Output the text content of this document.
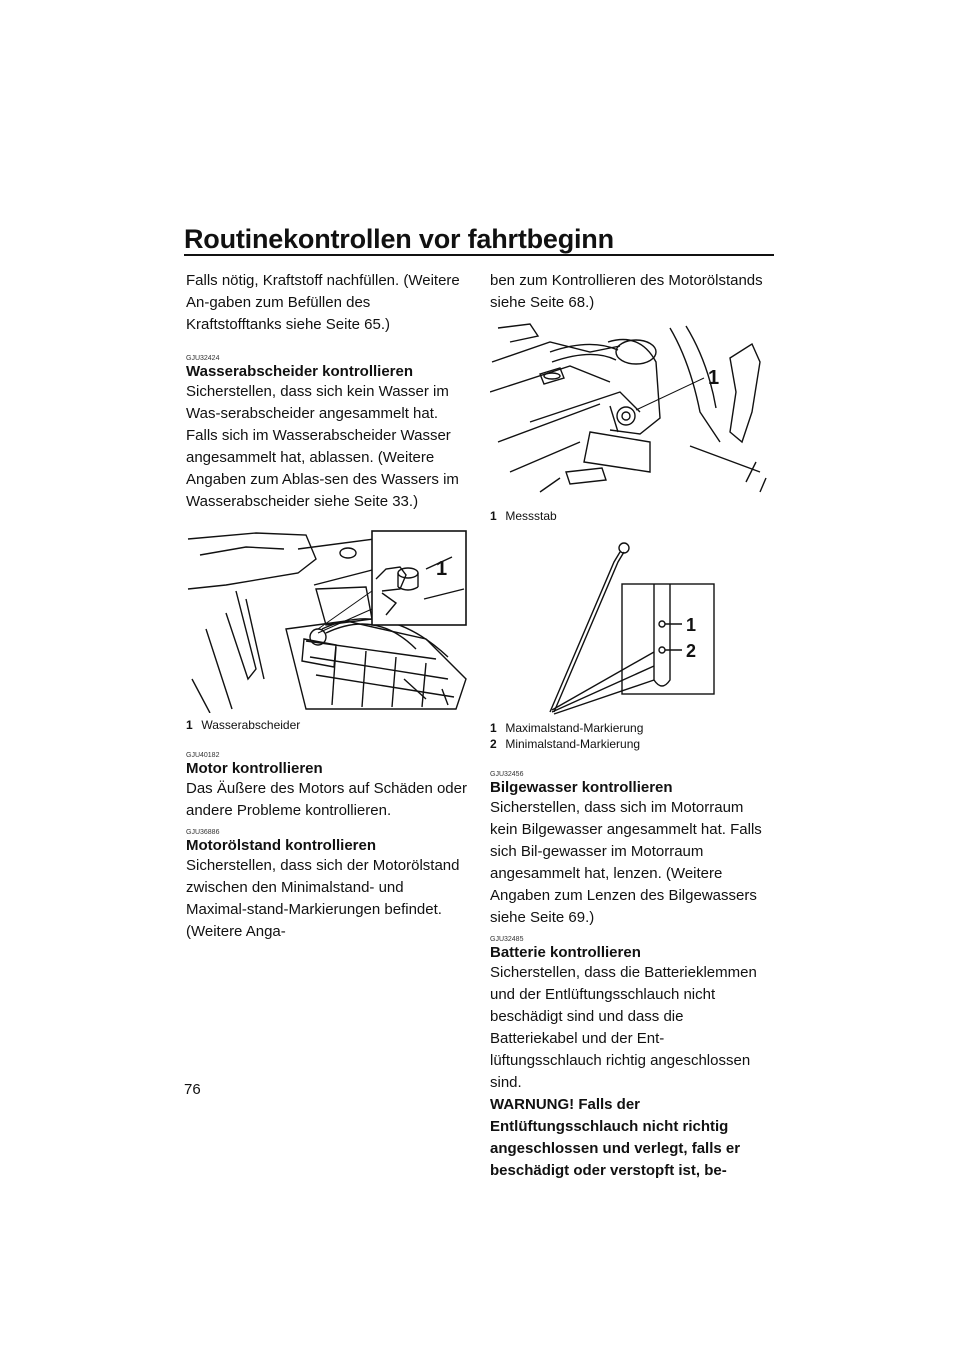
Routinekontrollen vor fahrtbeginn

Falls nötig, Kraftstoff nachfüllen. (Weitere An-gaben zum Befüllen des Kraftstofftanks siehe Seite 65.)

GJU32424
Wasserabscheider kontrollieren

Sicherstellen, dass sich kein Wasser im Was-serabscheider angesammelt hat. Falls sich im Wasserabscheider Wasser angesammelt hat, ablassen. (Weitere Angaben zum Ablas-sen des Wassers im Wasserabscheider siehe Seite 33.)

1
1 Wasserabscheider
GJU40182
Motor kontrollieren

Das Äußere des Motors auf Schäden oder andere Probleme kontrollieren.

GJU36886
Motorölstand kontrollieren

Sicherstellen, dass sich der Motorölstand zwischen den Minimalstand- und Maximal-stand-Markierungen befindet. (Weitere Anga-

ben zum Kontrollieren des Motorölstands siehe Seite 68.)

1
1 Messstab
1
2
1 Maximalstand-Markierung
2 Minimalstand-Markierung
GJU32456
Bilgewasser kontrollieren

Sicherstellen, dass sich im Motorraum kein Bilgewasser angesammelt hat. Falls sich Bil-gewasser im Motorraum angesammelt hat, lenzen. (Weitere Angaben zum Lenzen des Bilgewassers siehe Seite 69.)

GJU32485
Batterie kontrollieren

Sicherstellen, dass die Batterieklemmen und der Entlüftungsschlauch nicht beschädigt sind und dass die Batteriekabel und der Ent-lüftungsschlauch richtig angeschlossen sind.

WARNUNG! Falls der Entlüftungsschlauch nicht richtig angeschlossen und verlegt, falls er beschädigt oder verstopft ist, be-

76
